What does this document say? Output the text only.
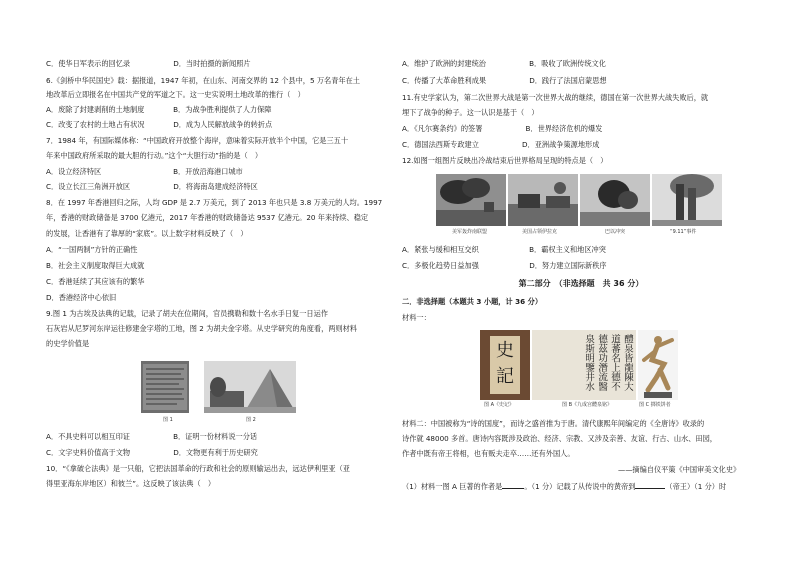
C．使华日军表示的回忆录　　　　　　D．当时拍摄的新闻照片
6.《剑桥中华民国史》载：据报道，1947 年初，在山东、河南交界的 12 个县中，5 万名青年在土
地改革后立即报名在中国共产党的军道之下。这一史实说明土地改革的推行（　）
A．废除了封建剥削的土地制度　　　　B．为战争胜利提供了人力保障
C．改变了农村的土地占有状况　　　　D．成为人民解放战争的转折点
7．1984 年，有国际媒体称：“中国政府开放整个海岸，意味着实际开放半个中国，它是三五十
年来中国政府所采取的最大胆的行动。”这个“大胆行动”指的是（　）
A．设立经济特区　　　　　　　　　　B．开放沿海港口城市
C．设立长江三角洲开放区　　　　　　D．将海南岛建成经济特区
8．在 1997 年香港回归之际，人均 GDP 是 2.7 万美元，到了 2013 年也只是 3.8 万美元的人均。1997
年，香港的财政储备是 3700 亿港元，2017 年香港的财政储备达 9537 亿港元。20 年来持续、稳定
的发展，让香港有了靠厚的“家底”。以上数字材料反映了（　）
A．“一国两制”方针的正确性
B．社会主义制度取得巨大成就
C．香港延续了其应该有的繁华
D．香港经济中心依旧
9.图 1 为古埃及法典的记载，记录了胡夫在位期间，官员携勒和数十名水手日复一日运作
石灰岩从尼罗河东岸运往修建金字塔的工地，图 2 为胡夫金字塔。从史学研究的角度看，两则材料
的史学价值是
图 1	图 2
A．不具史料可以相互印证　　　　　　B．证明一份材料说一分话
C．文字史料价值高于文物　　　　　　D．文物更有利于历史研究
10．“《拿破仑法典》是一只船，它把法国革命的行政和社会的原则输运出去，远达伊利里亚（亚
得里亚海东岸地区）和彼兰”。这反映了该法典（　）
A．维护了欧洲的封建统治　　　　　　B．吸收了欧洲传统文化
C．传播了大革命胜利成果　　　　　　D．践行了法国启蒙思想
11.有史学家认为，第二次世界大战是第一次世界大战的继续，德国在第一次世界大战失败后，就
埋下了战争的种子。这一认识是基于（　）
A．《凡尔赛条约》的签署　　　　　　B．世界经济危机的爆发
C．德国法西斯专政建立　　　　　　D．亚洲战争策源地形成
12.如图一组图片反映出冷战结束后世界格局呈现的特点是（　）
美军轰炸南联盟	美国占领伊拉克	巴以冲突	“9.11”事件
A．紧张与缓和相互交织　　　　　　　B．霸权主义和地区冲突
C．多极化趋势日益加强　　　　　　　D．努力建立国际新秩序
第二部分　（非选择题　共 36 分）
二．非选择题（本题共 3 小题，计 36 分）
材料一：
史記	醴泉皆龍陳大
道蕃名上德不
德茲功潛流醫
泉斯明鑒井水
图 A《史记》	图 B《九成宫醴泉铭》	图 C 掷铁饼者
材料二：中国被称为“诗的国度”，而诗之盛首推为于唐。清代康熙年间编定的《全唐诗》收录的
诗作就 48000 多首。唐诗内容既涉及政治、经济、宗教、又涉及亲善、友谊、行古、山水、田园，
作者中既有帝王将相，也有贩夫走卒……还有外国人。
——摘编自仪平策《中国审美文化史》
（1）材料一图 A 巨著的作者是	。（1 分）记载了从传说中的黄帝到	（帝王）（1 分）时
